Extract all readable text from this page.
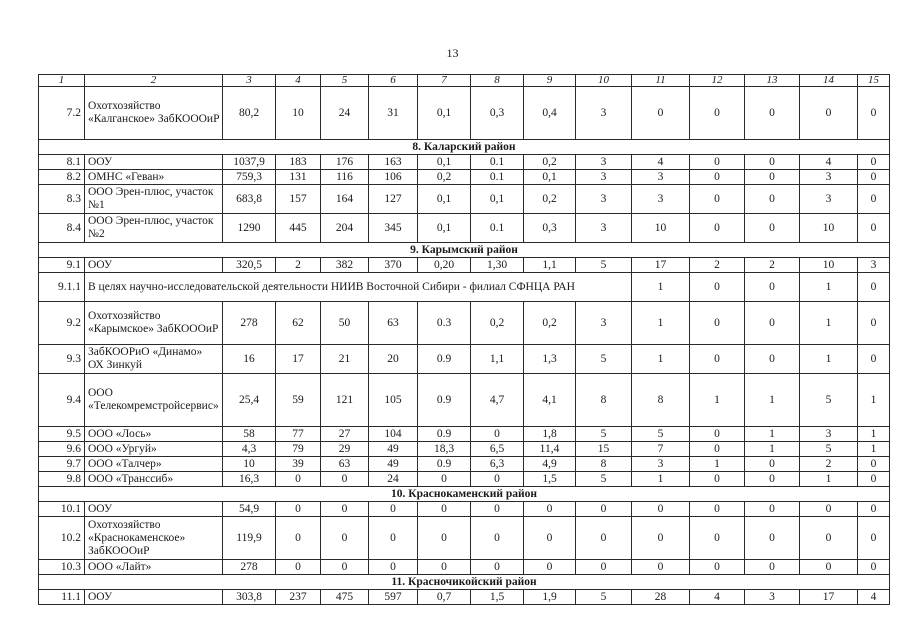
13
1	2	3	4	5	6	7	8	9	10	11	12	13	14	15
7.2	Охотхозяйство «Калганское» ЗабКОООиР	80,2	10	24	31	0,1	0,3	0,4	3	0	0	0	0	0
8. Каларский район														
8.1	ООУ	1037,9	183	176	163	0,1	0.1	0,2	3	4	0	0	4	0
8.2	ОМНС «Геван»	759,3	131	116	106	0,2	0.1	0,1	3	3	0	0	3	0
8.3	ООО Эрен-плюс, участок №1	683,8	157	164	127	0,1	0,1	0,2	3	3	0	0	3	0
8.4	ООО Эрен-плюс, участок №2	1290	445	204	345	0,1	0.1	0,3	3	10	0	0	10	0
9. Карымский район														
9.1	ООУ	320,5	2	382	370	0,20	1,30	1,1	5	17	2	2	10	3
9.1.1	В целях научно-исследовательской деятельности НИИВ Восточной Сибири - филиал СФНЦА РАН									1	0	0	1	0
9.2	Охотхозяйство «Карымское» ЗабКОООиР	278	62	50	63	0.3	0,2	0,2	3	1	0	0	1	0
9.3	ЗабКООРиО «Динамо» ОХ Зинкуй	16	17	21	20	0.9	1,1	1,3	5	1	0	0	1	0
9.4	ООО «Телекомремстройсервис»	25,4	59	121	105	0.9	4,7	4,1	8	8	1	1	5	1
9.5	ООО «Лось»	58	77	27	104	0.9	0	1,8	5	5	0	1	3	1
9.6	ООО «Ургуй»	4,3	79	29	49	18,3	6,5	11,4	15	7	0	1	5	1
9.7	ООО «Талчер»	10	39	63	49	0.9	6,3	4,9	8	3	1	0	2	0
9.8	ООО «Транссиб»	16,3	0	0	24	0	0	1,5	5	1	0	0	1	0
10. Краснокаменский район														
10.1	ООУ	54,9	0	0	0	0	0	0	0	0	0	0	0	0
10.2	Охотхозяйство «Краснокаменское» ЗабКОООиР	119,9	0	0	0	0	0	0	0	0	0	0	0	0
10.3	ООО «Лайт»	278	0	0	0	0	0	0	0	0	0	0	0	0
11. Красночикойский район														
11.1	ООУ	303,8	237	475	597	0,7	1,5	1,9	5	28	4	3	17	4
